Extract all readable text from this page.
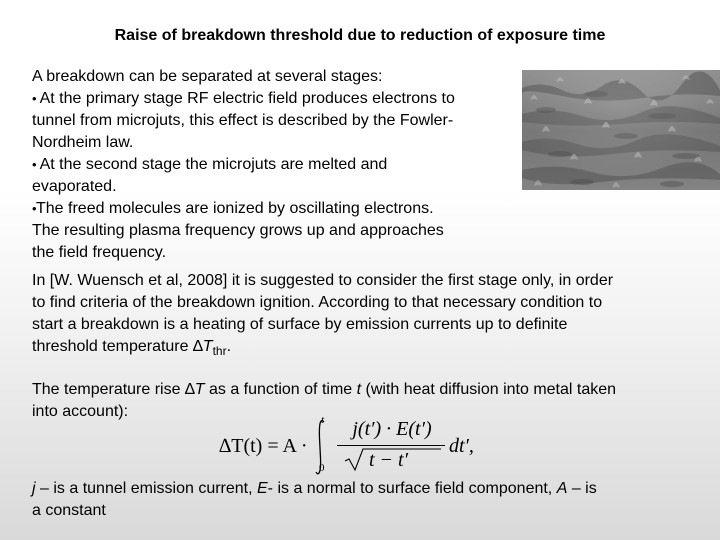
Raise of breakdown threshold due to reduction of exposure time
A breakdown can be separated at several stages:
• At the primary stage RF electric field produces electrons to
tunnel from microjuts, this effect is described by the Fowler-
Nordheim law.
• At the second stage the microjuts are melted and
evaporated.
•The freed molecules are ionized by oscillating electrons.
The resulting plasma frequency grows up and approaches
the field frequency.
In [W. Wuensch et al, 2008] it is suggested to consider the first stage only, in order
to find criteria of the breakdown ignition. According to that necessary condition to
start a breakdown is a heating of surface by emission currents up to definite
threshold temperature $\Delta T_{thr}$.
The temperature rise ∆T as a function of time t (with heat diffusion into metal taken
into account):
∆T(t) = A ·
t
0
j(t′) · E(t′)
t − t′
dt′,
j – is a tunnel emission current, E- is a normal to surface field component, A – is
a constant
